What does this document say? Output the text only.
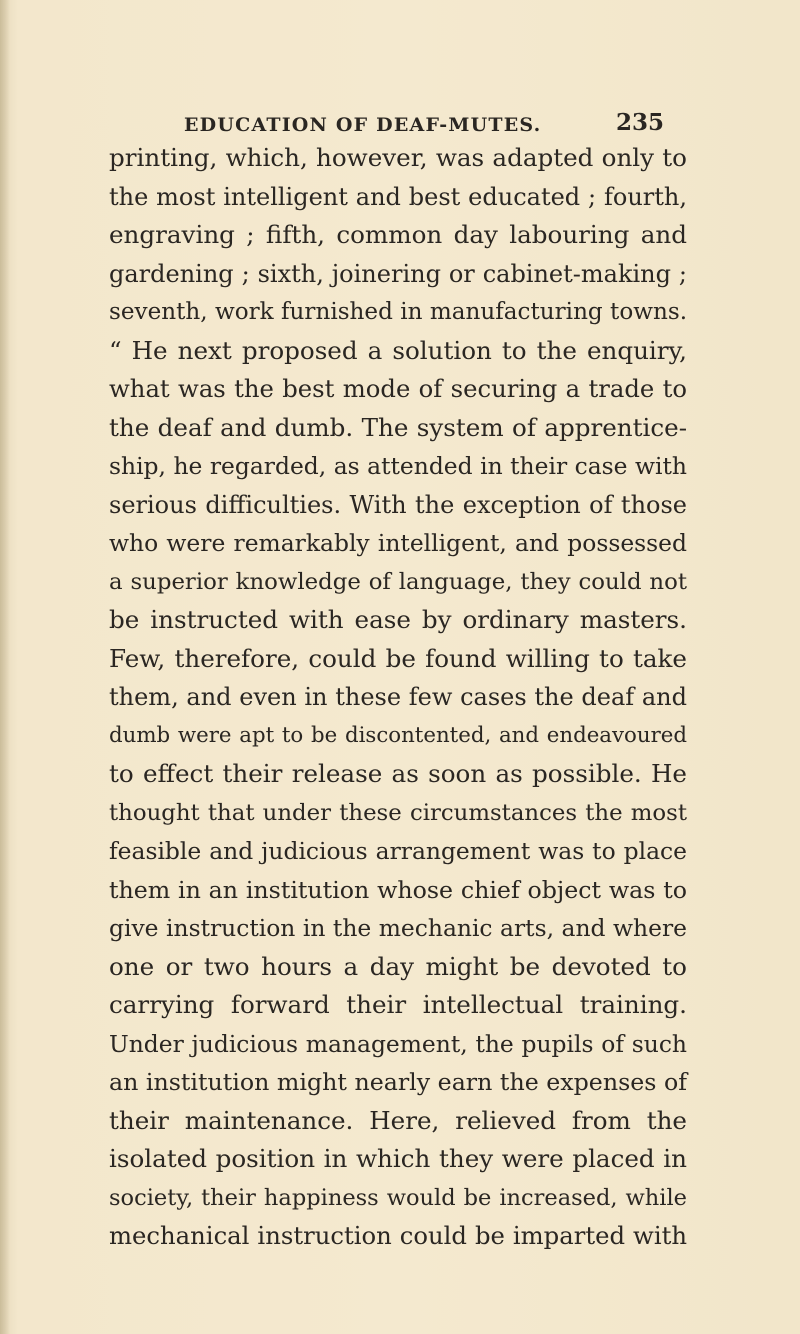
EDUCATION OF DEAF-MUTES.	235
printing, which, however, was adapted only to
the most intelligent and best educated ; fourth,
engraving ; fifth, common day labouring and
gardening ; sixth, joinering or cabinet-making ;
seventh, work furnished in manufacturing towns.
“ He next proposed a solution to the enquiry,
what was the best mode of securing a trade to
the deaf and dumb. The system of apprentice-
ship, he regarded, as attended in their case with
serious difficulties. With the exception of those
who were remarkably intelligent, and possessed
a superior knowledge of language, they could not
be instructed with ease by ordinary masters.
Few, therefore, could be found willing to take
them, and even in these few cases the deaf and
dumb were apt to be discontented, and endeavoured
to effect their release as soon as possible. He
thought that under these circumstances the most
feasible and judicious arrangement was to place
them in an institution whose chief object was to
give instruction in the mechanic arts, and where
one or two hours a day might be devoted to
carrying forward their intellectual training.
Under judicious management, the pupils of such
an institution might nearly earn the expenses of
their maintenance. Here, relieved from the
isolated position in which they were placed in
society, their happiness would be increased, while
mechanical instruction could be imparted with
